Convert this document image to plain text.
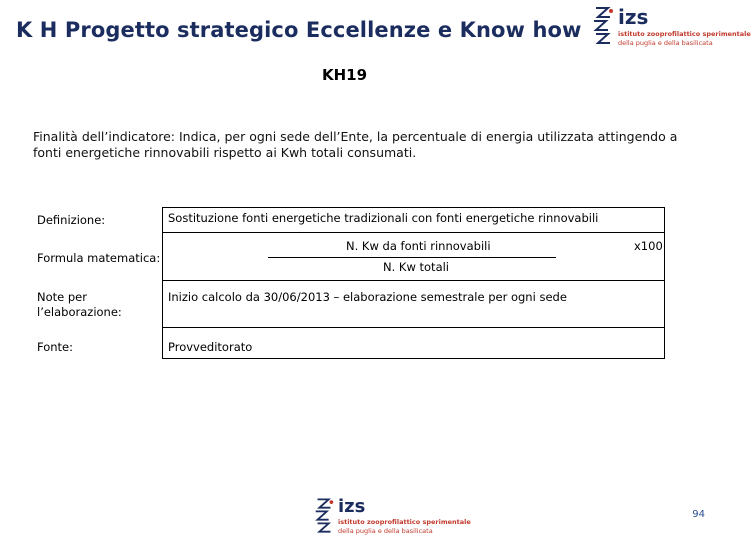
K H Progetto strategico Eccellenze e Know how
izs
istituto zooprofilattico sperimentale
della puglia e della basilicata
KH19
Finalità dell’indicatore: Indica, per ogni sede dell’Ente, la percentuale di energia utilizzata attingendo a fonti energetiche rinnovabili rispetto ai Kwh totali consumati.
Definizione:	Sostituzione fonti energetiche tradizionali con fonti energetiche rinnovabili
Formula matematica:
N. Kw da fonti rinnovabili
N. Kw totali
x100
Note per l’elaborazione:
Inizio calcolo da 30/06/2013 – elaborazione semestrale per ogni sede
Fonte:	Provveditorato
izs
istituto zooprofilattico sperimentale
della puglia e della basilicata
94
